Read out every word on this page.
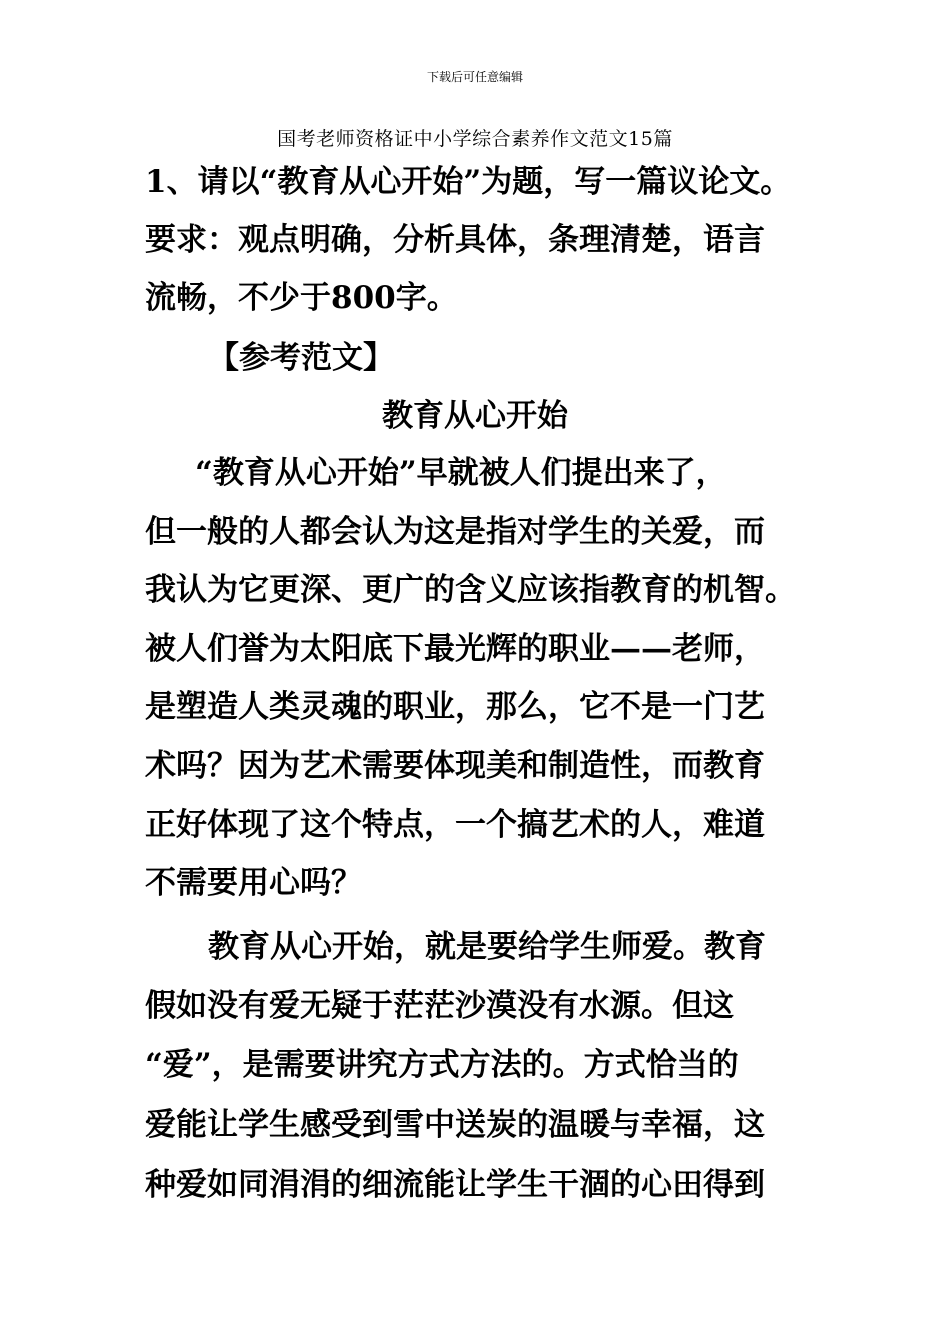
下载后可任意编辑
国考老师资格证中小学综合素养作文范文15篇
1、请以“教育从心开始”为题，写一篇议论文。
要求：观点明确，分析具体，条理清楚，语言
流畅，不少于800字。
【参考范文】
教育从心开始
“教育从心开始”早就被人们提出来了，
但一般的人都会认为这是指对学生的关爱，而
我认为它更深、更广的含义应该指教育的机智。
被人们誉为太阳底下最光辉的职业——老师，
是塑造人类灵魂的职业，那么，它不是一门艺
术吗？因为艺术需要体现美和制造性，而教育
正好体现了这个特点，一个搞艺术的人，难道
不需要用心吗？
教育从心开始，就是要给学生师爱。教育
假如没有爱无疑于茫茫沙漠没有水源。但这
“爱”，是需要讲究方式方法的。方式恰当的
爱能让学生感受到雪中送炭的温暖与幸福，这
种爱如同涓涓的细流能让学生干涸的心田得到
